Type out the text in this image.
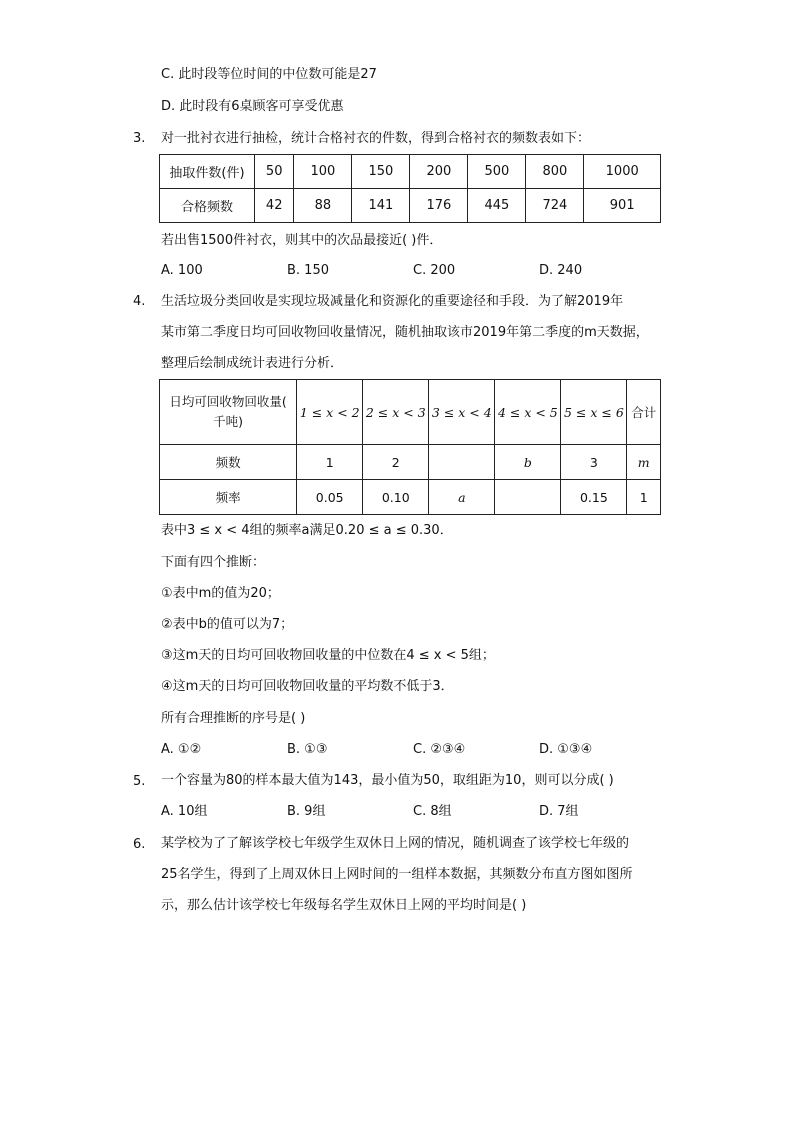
C. 此时段等位时间的中位数可能是27
D. 此时段有6桌顾客可享受优惠
3.	对一批衬衣进行抽检，统计合格衬衣的件数，得到合格衬衣的频数表如下：
抽取件数(件)	50	100	150	200	500	800	1000
合格频数	42	88	141	176	445	724	901
若出售1500件衬衣，则其中的次品最接近( )件．
A. 100	B. 150	C. 200	D. 240
4.	生活垃圾分类回收是实现垃圾减量化和资源化的重要途径和手段．为了解2019年
某市第二季度日均可回收物回收量情况，随机抽取该市2019年第二季度的m天数据，
整理后绘制成统计表进行分析．
日均可回收物回收量(
千吨)	1 ≤ x < 2	2 ≤ x < 3	3 ≤ x < 4	4 ≤ x < 5	5 ≤ x ≤ 6	合计
频数	1	2		b	3	m
频率	0.05	0.10	a		0.15	1
表中3 ≤ x < 4组的频率a满足0.20 ≤ a ≤ 0.30．
下面有四个推断：
①表中m的值为20；
②表中b的值可以为7；
③这m天的日均可回收物回收量的中位数在4 ≤ x < 5组；
④这m天的日均可回收物回收量的平均数不低于3．
所有合理推断的序号是( )
A. ①②	B. ①③	C. ②③④	D. ①③④
5.	一个容量为80的样本最大值为143，最小值为50，取组距为10，则可以分成( )
A. 10组	B. 9组	C. 8组	D. 7组
6.	某学校为了了解该学校七年级学生双休日上网的情况，随机调查了该学校七年级的
25名学生，得到了上周双休日上网时间的一组样本数据，其频数分布直方图如图所
示，那么估计该学校七年级每名学生双休日上网的平均时间是( )
